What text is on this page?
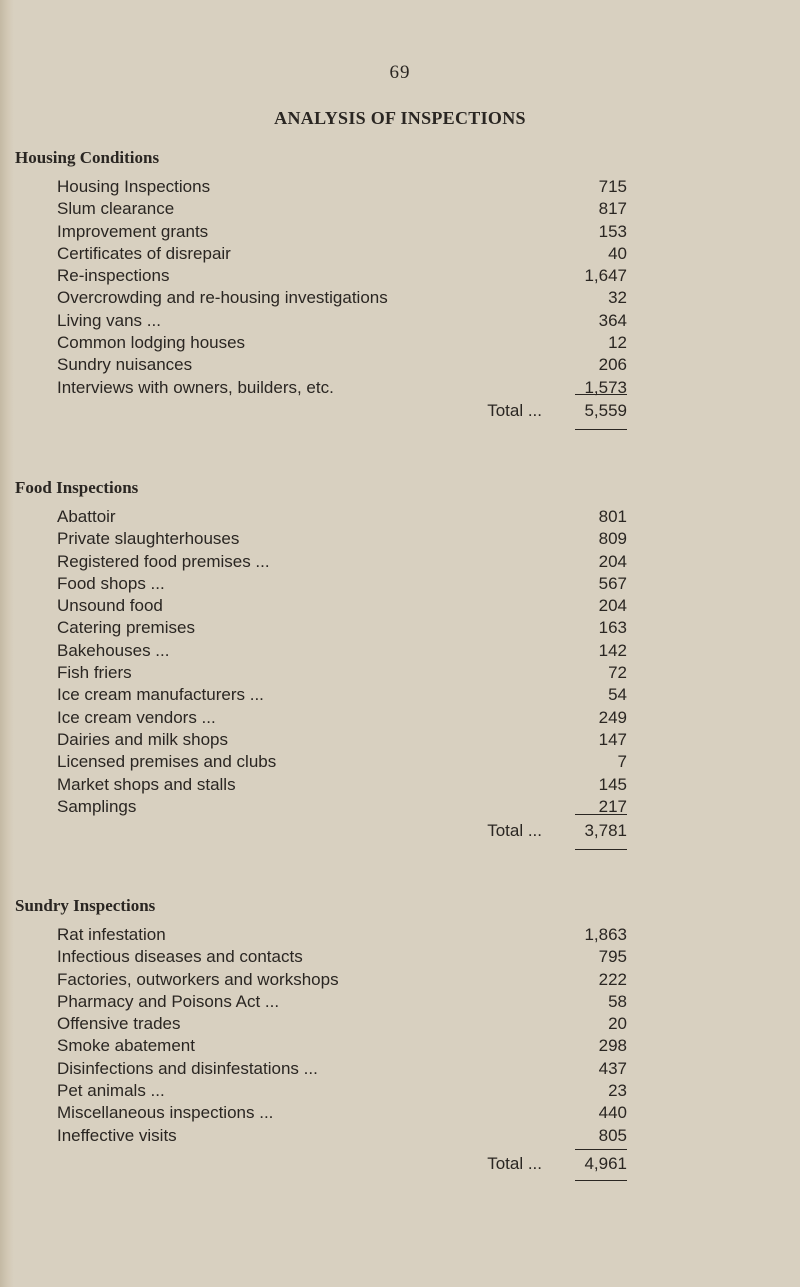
69
ANALYSIS OF INSPECTIONS
Housing Conditions
Housing Inspections	715
Slum clearance	817
Improvement grants	153
Certificates of disrepair	40
Re-inspections	1,647
Overcrowding and re-housing investigations	32
Living vans ...	364
Common lodging houses	12
Sundry nuisances	206
Interviews with owners, builders, etc.	1,573
Total ... 5,559
Food Inspections
Abattoir	801
Private slaughterhouses	809
Registered food premises ...	204
Food shops ...	567
Unsound food	204
Catering premises	163
Bakehouses ...	142
Fish friers	72
Ice cream manufacturers ...	54
Ice cream vendors ...	249
Dairies and milk shops	147
Licensed premises and clubs	7
Market shops and stalls	145
Samplings	217
Total ... 3,781
Sundry Inspections
Rat infestation	1,863
Infectious diseases and contacts	795
Factories, outworkers and workshops	222
Pharmacy and Poisons Act ...	58
Offensive trades	20
Smoke abatement	298
Disinfections and disinfestations ...	437
Pet animals ...	23
Miscellaneous inspections ...	440
Ineffective visits	805
Total ... 4,961
